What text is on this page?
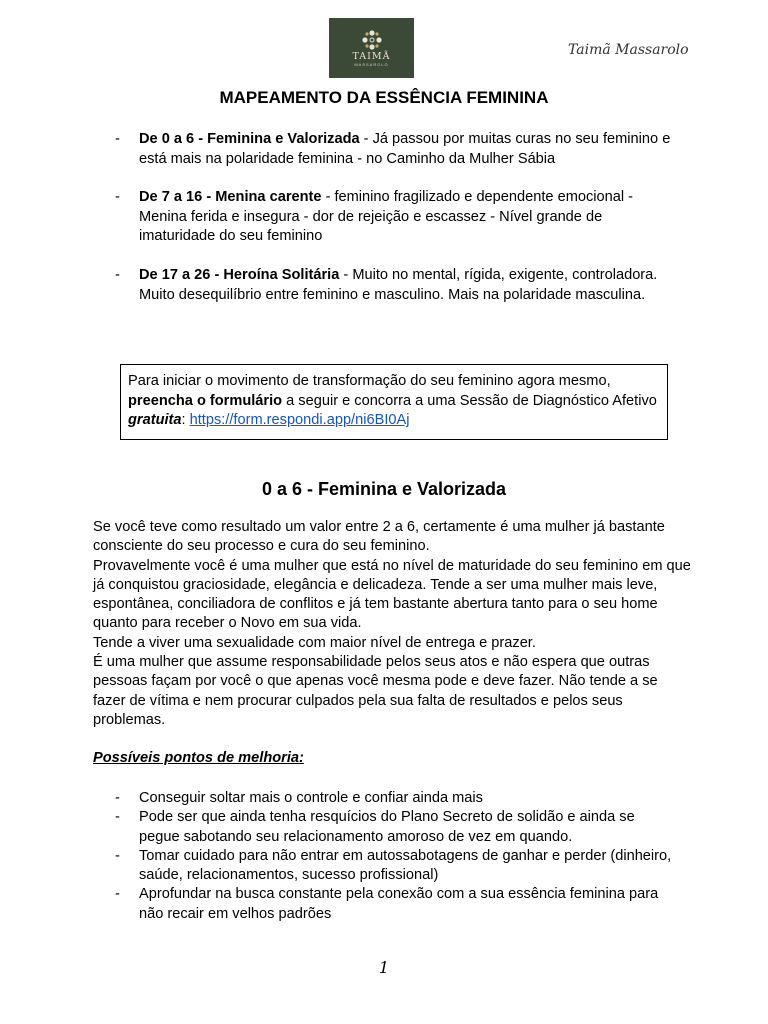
TAIMÃ
MASSAROLO
Taimã Massarolo
MAPEAMENTO DA ESSÊNCIA FEMININA
- De 0 a 6 - Feminina e Valorizada - Já passou por muitas curas no seu feminino e está mais na polaridade feminina - no Caminho da Mulher Sábia
- De 7 a 16 - Menina carente - feminino fragilizado e dependente emocional - Menina ferida e insegura - dor de rejeição e escassez - Nível grande de imaturidade do seu feminino
- De 17 a 26 - Heroína Solitária - Muito no mental, rígida, exigente, controladora. Muito desequilíbrio entre feminino e masculino. Mais na polaridade masculina.
Para iniciar o movimento de transformação do seu feminino agora mesmo, preencha o formulário a seguir e concorra a uma Sessão de Diagnóstico Afetivo gratuita: https://form.respondi.app/ni6BI0Aj
0 a 6 - Feminina e Valorizada

Se você teve como resultado um valor entre 2 a 6, certamente é uma mulher já bastante consciente do seu processo e cura do seu feminino.

Provavelmente você é uma mulher que está no nível de maturidade do seu feminino em que já conquistou graciosidade, elegância e delicadeza. Tende a ser uma mulher mais leve, espontânea, conciliadora de conflitos e já tem bastante abertura tanto para o seu home quanto para receber o Novo em sua vida.

Tende a viver uma sexualidade com maior nível de entrega e prazer.

É uma mulher que assume responsabilidade pelos seus atos e não espera que outras pessoas façam por você o que apenas você mesma pode e deve fazer. Não tende a se fazer de vítima e nem procurar culpados pela sua falta de resultados e pelos seus problemas.

Possíveis pontos de melhoria:
- Conseguir soltar mais o controle e confiar ainda mais
- Pode ser que ainda tenha resquícios do Plano Secreto de solidão e ainda se pegue sabotando seu relacionamento amoroso de vez em quando.
- Tomar cuidado para não entrar em autossabotagens de ganhar e perder (dinheiro, saúde, relacionamentos, sucesso profissional)
- Aprofundar na busca constante pela conexão com a sua essência feminina para não recair em velhos padrões
1
